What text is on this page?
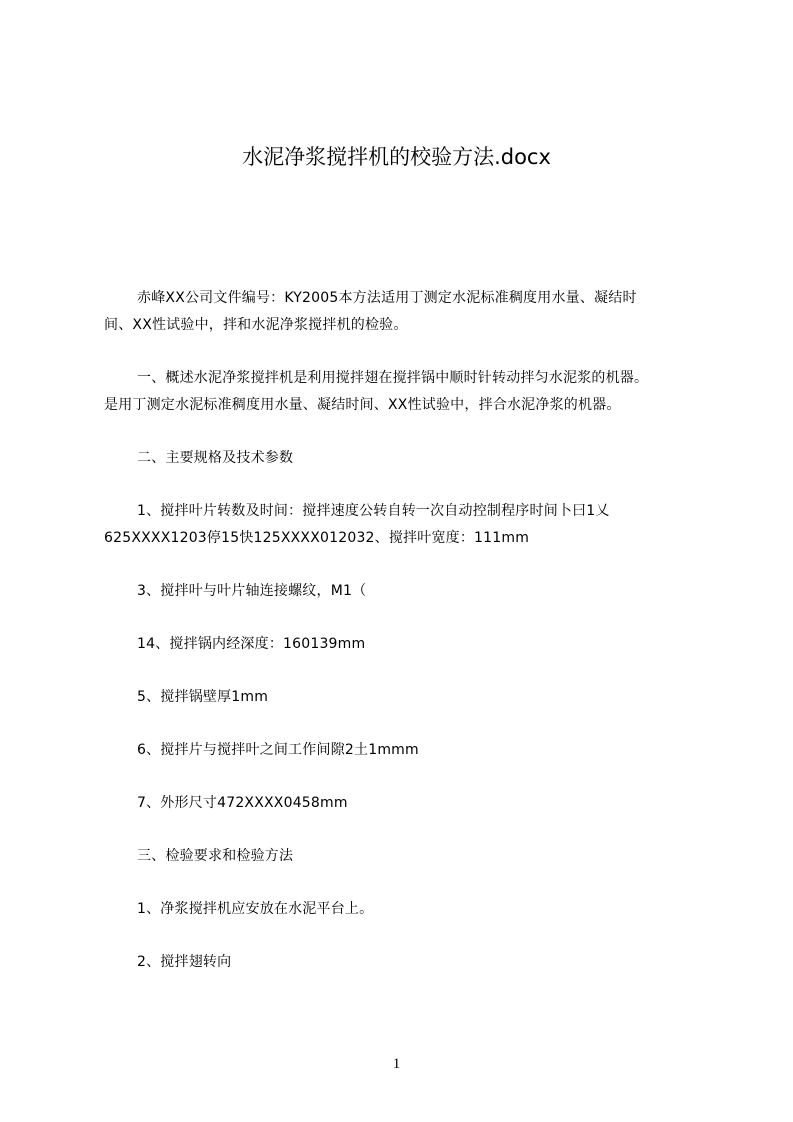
水泥净浆搅拌机的校验方法.docx

赤峰XX公司文件编号：KY2005本方法适用丁测定水泥标准稠度用水量、凝结时

间、XX性试验中，拌和水泥净浆搅拌机的检验。

一、概述水泥净浆搅拌机是利用搅拌翅在搅拌锅中顺时针转动拌匀水泥浆的机器。

是用丁测定水泥标准稠度用水量、凝结时间、XX性试验中，拌合水泥净浆的机器。

二、主要规格及技术参数

1、搅拌叶片转数及时间：搅拌速度公转自转一次自动控制程序时间卜曰1乂

625XXXX1203停15快125XXXX012032、搅拌叶宽度：111mm

3、搅拌叶与叶片轴连接螺纹，M1（

14、搅拌锅内经深度：160139mm

5、搅拌锅壁厚1mm

6、搅拌片与搅拌叶之间工作间隙2土1mmm

7、外形尺寸472XXXX0458mm

三、检验要求和检验方法

1、净浆搅拌机应安放在水泥平台上。

2、搅拌翅转向

1
